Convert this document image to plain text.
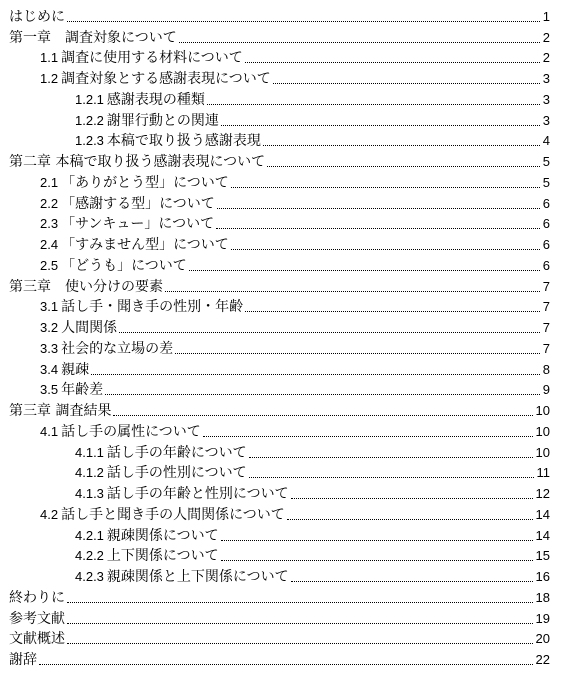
はじめに	1
第一章　調査対象について	2
1.1 調査に使用する材料について	2
1.2 調査対象とする感謝表現について	3
1.2.1 感謝表現の種類	3
1.2.2 謝罪行動との関連	3
1.2.3 本稿で取り扱う感謝表現	4
第二章 本稿で取り扱う感謝表現について	5
2.1 「ありがとう型」について	5
2.2 「感謝する型」について	6
2.3 「サンキュー」について	6
2.4 「すみません型」について	6
2.5 「どうも」について	6
第三章　使い分けの要素	7
3.1 話し手・聞き手の性別・年齢	7
3.2 人間関係	7
3.3 社会的な立場の差	7
3.4 親疎	8
3.5 年齢差	9
第三章 調査結果	10
4.1 話し手の属性について	10
4.1.1 話し手の年齢について	10
4.1.2 話し手の性別について	11
4.1.3 話し手の年齢と性別について	12
4.2 話し手と聞き手の人間関係について	14
4.2.1 親疎関係について	14
4.2.2 上下関係について	15
4.2.3 親疎関係と上下関係について	16
終わりに	18
参考文献	19
文献概述	20
謝辞	22
